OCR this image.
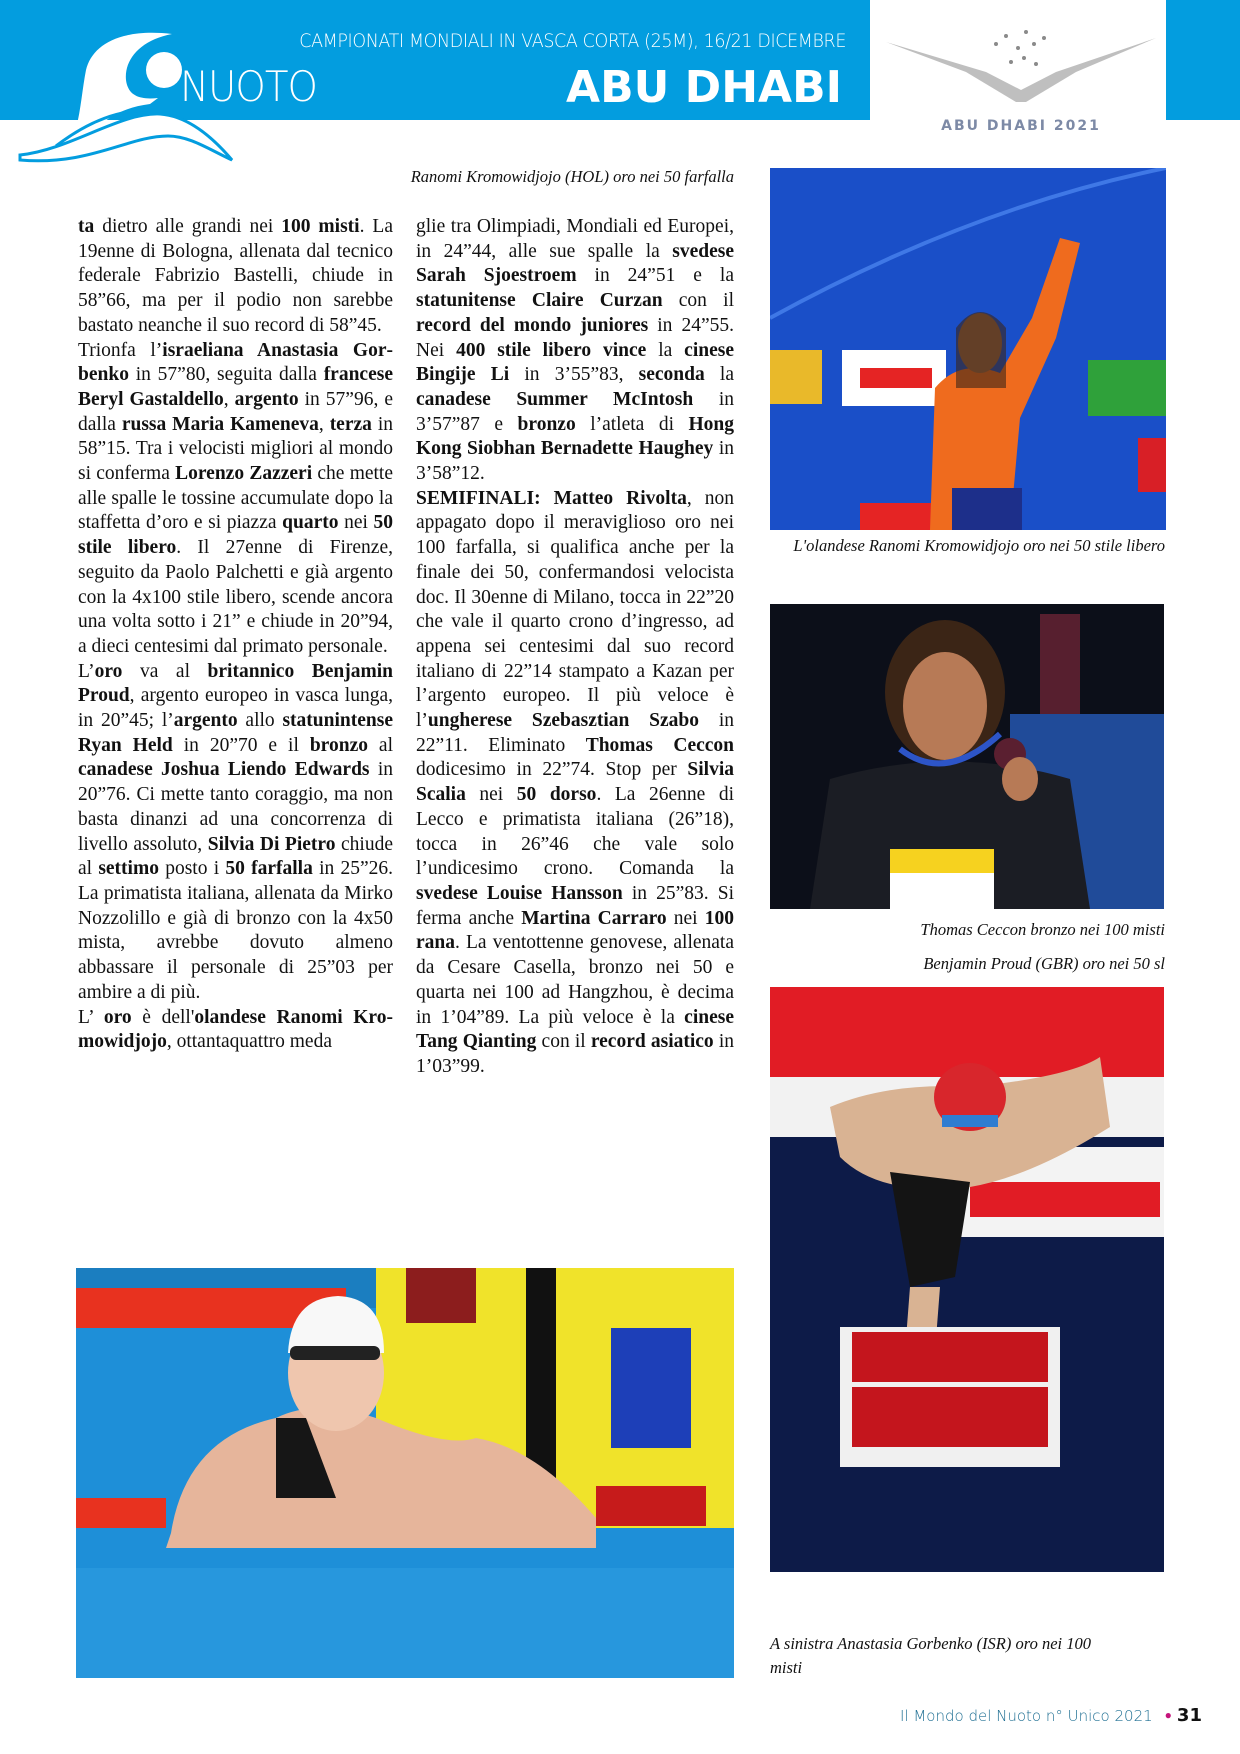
CAMPIONATI MONDIALI IN VASCA CORTA (25M), 16/21 DICEMBRE
NUOTO	ABU DHABI
ABU DHABI 2021
Ranomi Kromowidjojo (HOL) oro nei 50 farfalla

ta dietro alle grandi nei 100 misti. La 19enne di Bologna, allenata dal tecnico federale Fabrizio Bastelli, chiude in 58”66, ma per il podio non sarebbe bastato neanche il suo record di 58”45.

Trionfa l’israeliana Anastasia Gorbenko in 57”80, seguita dalla francese Beryl Gastaldello, argento in 57”96, e dalla russa Maria Kameneva, terza in 58”15. Tra i velocisti migliori al mondo si conferma Lorenzo Zazzeri che mette alle spalle le tossine accumulate dopo la staffetta d’oro e si piazza quarto nei 50 stile libero. Il 27enne di Firenze, seguito da Paolo Palchetti e già argento con la 4x100 stile libero, scende ancora una volta sotto i 21” e chiude in 20”94, a dieci centesimi dal primato personale.

L’oro va al britannico Benjamin Proud, argento europeo in vasca lunga, in 20”45; l’argento allo statunintense Ryan Held in 20”70 e il bronzo al canadese Joshua Liendo Edwards in 20”76. Ci mette tanto coraggio, ma non basta dinanzi ad una concorrenza di livello assoluto, Silvia Di Pietro chiude al settimo posto i 50 farfalla in 25”26. La primatista italiana, allenata da Mirko Nozzolillo e già di bronzo con la 4x50 mista, avrebbe dovuto almeno abbassare il personale di 25”03 per ambire a di più.

L’ oro è dell'olandese Ranomi Kromowidjojo, ottantaquattro meda

glie tra Olimpiadi, Mondiali ed Europei, in 24”44, alle sue spalle la svedese Sarah Sjoestroem in 24”51 e la statunitense Claire Curzan con il record del mondo juniores in 24”55. Nei 400 stile libero vince la cinese Bingije Li in 3’55”83, seconda la canadese Summer McIntosh in 3’57”87 e bronzo l’atleta di Hong Kong Siobhan Bernadette Haughey in 3’58”12.

SEMIFINALI: Matteo Rivolta, non appagato dopo il meraviglioso oro nei 100 farfalla, si qualifica anche per la finale dei 50, confermandosi velocista doc. Il 30enne di Milano, tocca in 22”20 che vale il quarto crono d’ingresso, ad appena sei centesimi dal suo record italiano di 22”14 stampato a Kazan per l’argento europeo. Il più veloce è l’ungherese Szebasztian Szabo in 22”11. Eliminato Thomas Ceccon dodicesimo in 22”74. Stop per Silvia Scalia nei 50 dorso. La 26enne di Lecco e primatista italiana (26”18), tocca in 26”46 che vale solo l’undicesimo crono. Comanda la svedese Louise Hansson in 25”83. Si ferma anche Martina Carraro nei 100 rana. La ventottenne genovese, allenata da Cesare Casella, bronzo nei 50 e quarta nei 100 ad Hangzhou, è decima in 1’04”89. La più veloce è la cinese Tang Qianting con il record asiatico in 1’03”99.

L'olandese Ranomi Kromowidjojo oro nei 50 stile libero
Thomas Ceccon bronzo nei 100 misti
Benjamin Proud (GBR) oro nei 50 sl
A sinistra Anastasia Gorbenko (ISR) oro nei 100 misti
Il Mondo del Nuoto n° Unico 2021 ● 31
